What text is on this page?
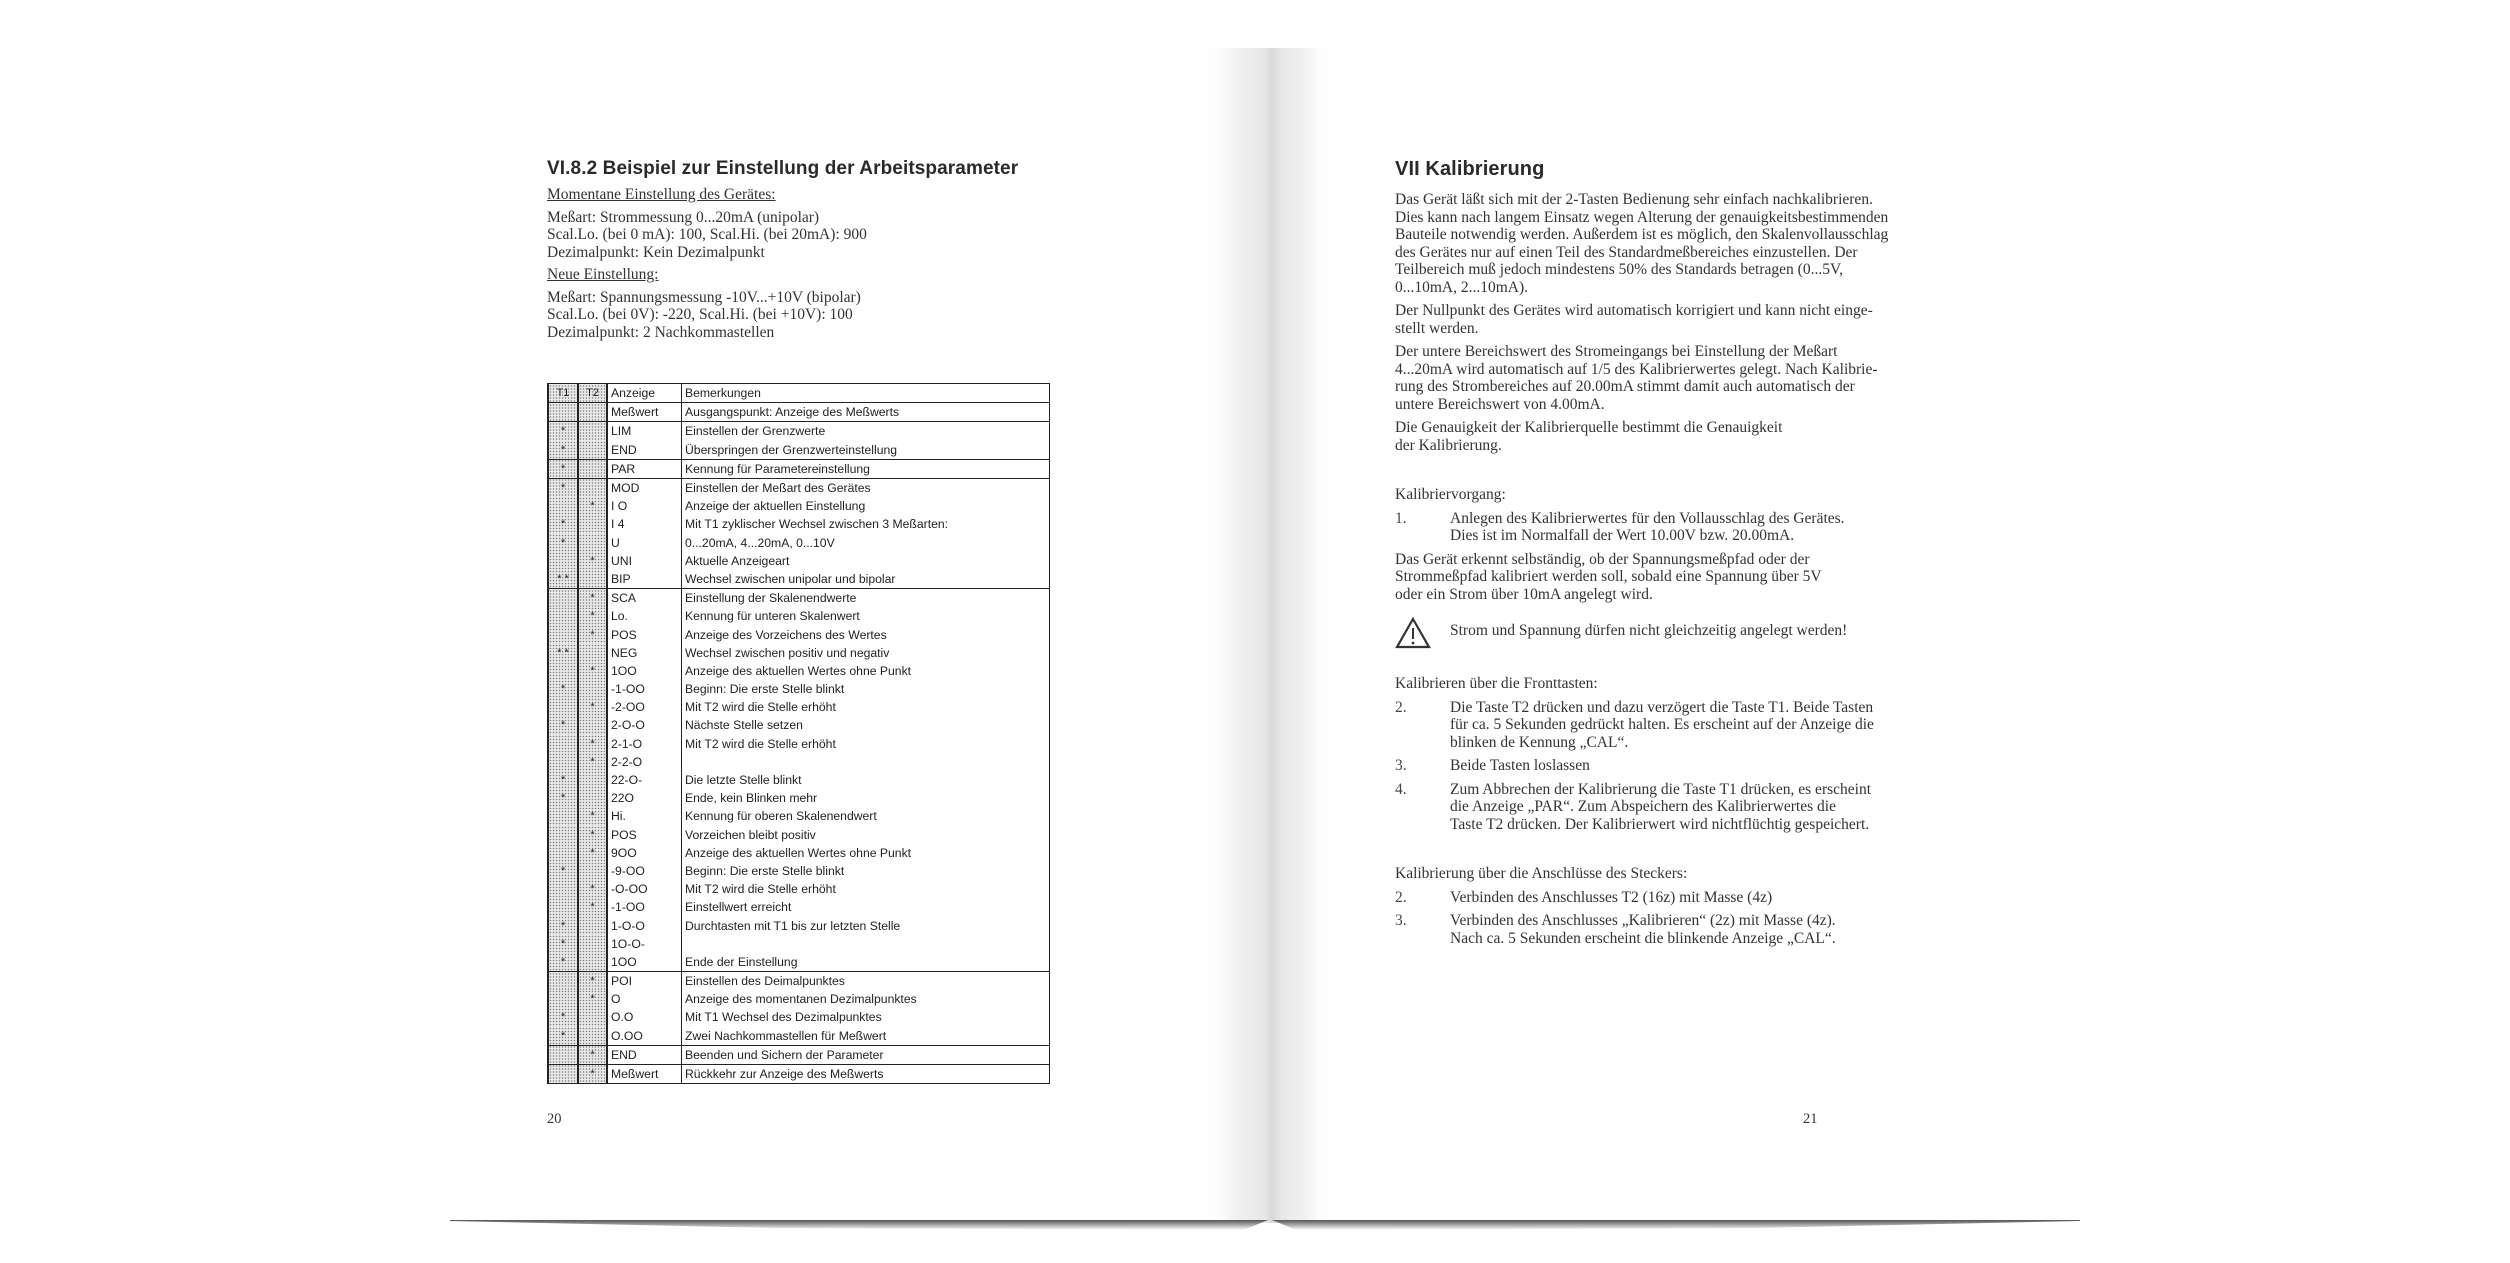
VI.8.2 Beispiel zur Einstellung der Arbeitsparameter

Momentane Einstellung des Gerätes:

Meßart: Strommessung 0...20mA (unipolar)

Scal.Lo. (bei 0 mA): 100, Scal.Hi. (bei 20mA): 900

Dezimalpunkt: Kein Dezimalpunkt

Neue Einstellung:

Meßart: Spannungsmessung -10V...+10V (bipolar)

Scal.Lo. (bei 0V): -220, Scal.Hi. (bei +10V): 100

Dezimalpunkt: 2 Nachkommastellen

T1	T2	Anzeige	Bemerkungen
		Meßwert	Ausgangspunkt: Anzeige des Meßwerts
*		LIM	Einstellen der Grenzwerte
*		END	Überspringen der Grenzwerteinstellung
*		PAR	Kennung für Parametereinstellung
*		MOD	Einstellen der Meßart des Gerätes
	*	I O	Anzeige der aktuellen Einstellung
*		I 4	Mit T1 zyklischer Wechsel zwischen 3 Meßarten:
*		U	0...20mA, 4...20mA, 0...10V
	*	UNI	Aktuelle Anzeigeart
* *		BIP	Wechsel zwischen unipolar und bipolar
	*	SCA	Einstellung der Skalenendwerte
	*	Lo.	Kennung für unteren Skalenwert
	*	POS	Anzeige des Vorzeichens des Wertes
* *		NEG	Wechsel zwischen positiv und negativ
	*	1OO	Anzeige des aktuellen Wertes ohne Punkt
*		-1-OO	Beginn: Die erste Stelle blinkt
	*	-2-OO	Mit T2 wird die Stelle erhöht
*		2-O-O	Nächste Stelle setzen
	*	2-1-O	Mit T2 wird die Stelle erhöht
	*	2-2-O	
*		22-O-	Die letzte Stelle blinkt
*		22O	Ende, kein Blinken mehr
	*	Hi.	Kennung für oberen Skalenendwert
	*	POS	Vorzeichen bleibt positiv
	*	9OO	Anzeige des aktuellen Wertes ohne Punkt
*		-9-OO	Beginn: Die erste Stelle blinkt
	*	-O-OO	Mit T2 wird die Stelle erhöht
	*	-1-OO	Einstellwert erreicht
*		1-O-O	Durchtasten mit T1 bis zur letzten Stelle
*		1O-O-	
*		1OO	Ende der Einstellung
	*	POI	Einstellen des Deimalpunktes
	*	O	Anzeige des momentanen Dezimalpunktes
*		O.O	Mit T1 Wechsel des Dezimalpunktes
*		O.OO	Zwei Nachkommastellen für Meßwert
	*	END	Beenden und Sichern der Parameter
	*	Meßwert	Rückkehr zur Anzeige des Meßwerts
20
VII Kalibrierung

Das Gerät läßt sich mit der 2-Tasten Bedienung sehr einfach nachkalibrieren.

Dies kann nach langem Einsatz wegen Alterung der genauigkeitsbestimmenden

Bauteile notwendig werden. Außerdem ist es möglich, den Skalenvollausschlag

des Gerätes nur auf einen Teil des Standardmeßbereiches einzustellen. Der

Teilbereich muß jedoch mindestens 50% des Standards betragen (0...5V,

0...10mA, 2...10mA).

Der Nullpunkt des Gerätes wird automatisch korrigiert und kann nicht einge-

stellt werden.

Der untere Bereichswert des Stromeingangs bei Einstellung der Meßart

4...20mA wird automatisch auf 1/5 des Kalibrierwertes gelegt. Nach Kalibrie-

rung des Strombereiches auf 20.00mA stimmt damit auch automatisch der

untere Bereichswert von 4.00mA.

Die Genauigkeit der Kalibrierquelle bestimmt die Genauigkeit

der Kalibrierung.

Kalibriervorgang:

1.	Anlegen des Kalibrierwertes für den Vollausschlag des Gerätes.
Dies ist im Normalfall der Wert 10.00V bzw. 20.00mA.

Das Gerät erkennt selbständig, ob der Spannungsmeßpfad oder der

Strommeßpfad kalibriert werden soll, sobald eine Spannung über 5V

oder ein Strom über 10mA angelegt wird.

Strom und Spannung dürfen nicht gleichzeitig angelegt werden!

Kalibrieren über die Fronttasten:

2.	Die Taste T2 drücken und dazu verzögert die Taste T1. Beide Tasten
für ca. 5 Sekunden gedrückt halten. Es erscheint auf der Anzeige die
blinken de Kennung „CAL“.
3.	Beide Tasten loslassen
4.	Zum Abbrechen der Kalibrierung die Taste T1 drücken, es erscheint
die Anzeige „PAR“. Zum Abspeichern des Kalibrierwertes die
Taste T2 drücken. Der Kalibrierwert wird nichtflüchtig gespeichert.

Kalibrierung über die Anschlüsse des Steckers:

2.	Verbinden des Anschlusses T2 (16z) mit Masse (4z)
3.	Verbinden des Anschlusses „Kalibrieren“ (2z) mit Masse (4z).
Nach ca. 5 Sekunden erscheint die blinkende Anzeige „CAL“.
21
